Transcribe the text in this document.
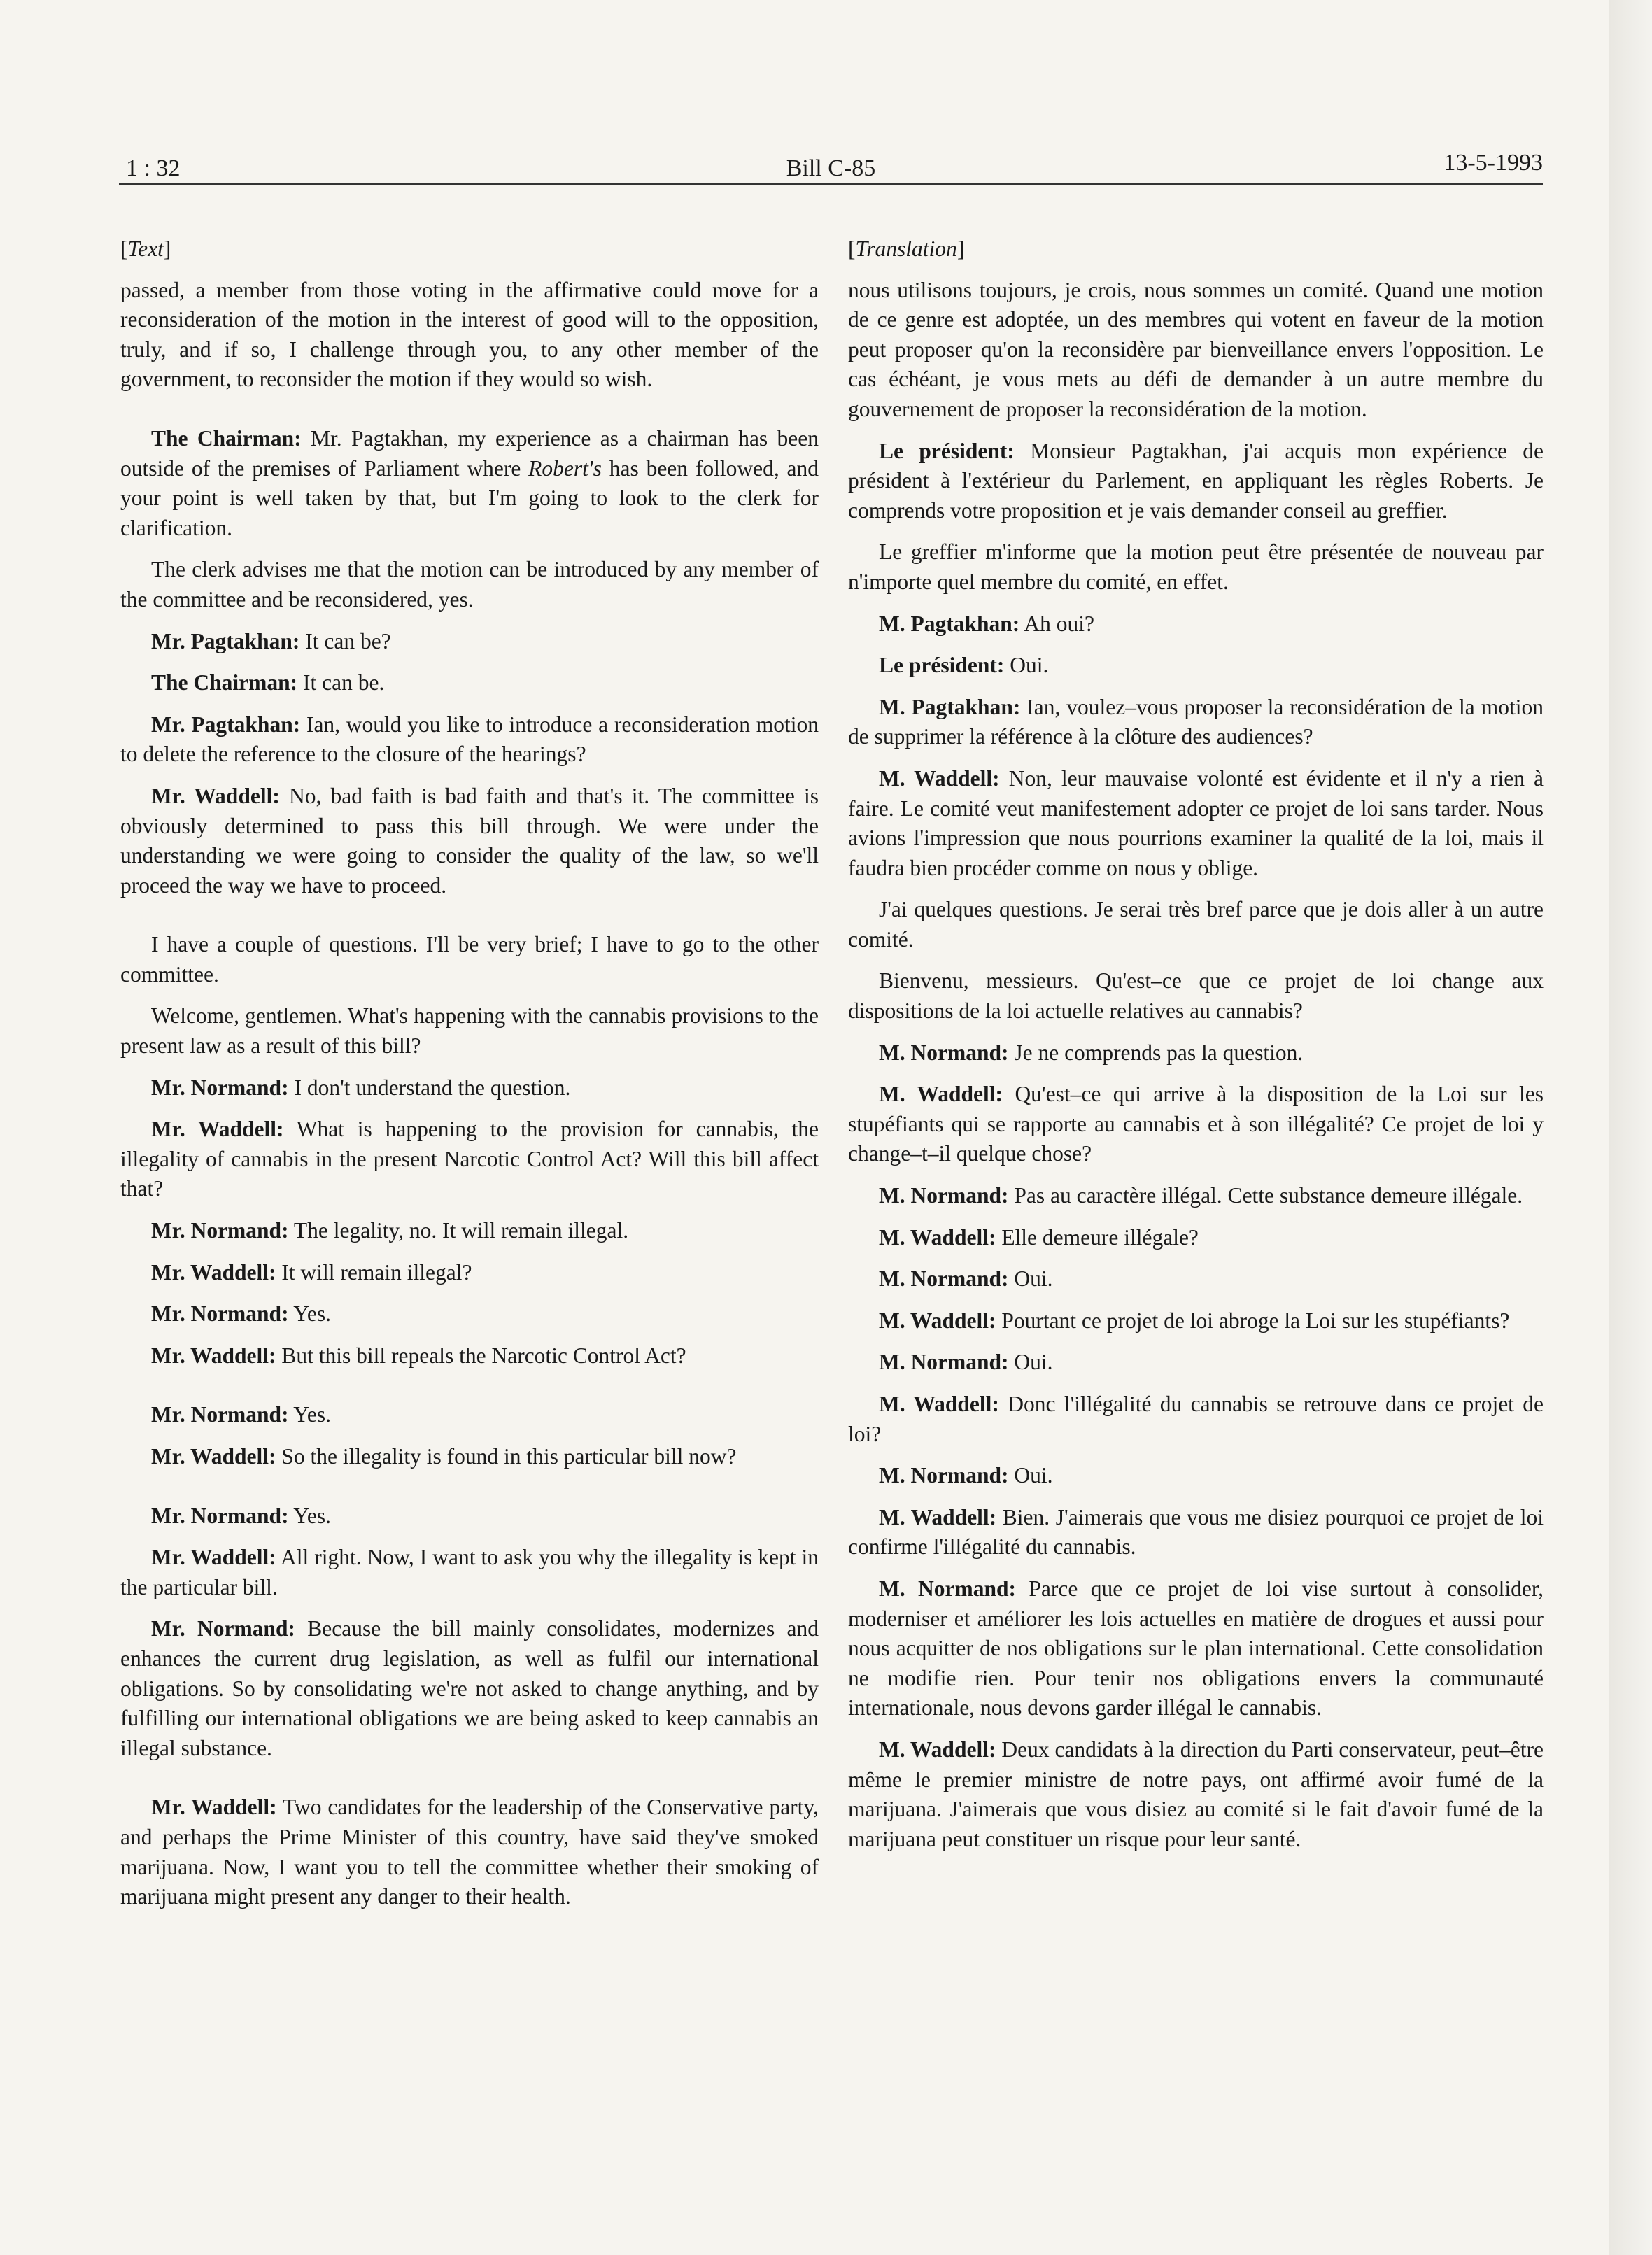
1 : 32	Bill C-85	13-5-1993
[Text]

passed, a member from those voting in the affirmative could move for a reconsideration of the motion in the interest of good will to the opposition, truly, and if so, I challenge through you, to any other member of the government, to reconsider the motion if they would so wish.

The Chairman: Mr. Pagtakhan, my experience as a chairman has been outside of the premises of Parliament where Robert's has been followed, and your point is well taken by that, but I'm going to look to the clerk for clarification.

The clerk advises me that the motion can be introduced by any member of the committee and be reconsidered, yes.

Mr. Pagtakhan: It can be?

The Chairman: It can be.

Mr. Pagtakhan: Ian, would you like to introduce a reconsideration motion to delete the reference to the closure of the hearings?

Mr. Waddell: No, bad faith is bad faith and that's it. The committee is obviously determined to pass this bill through. We were under the understanding we were going to consider the quality of the law, so we'll proceed the way we have to proceed.

I have a couple of questions. I'll be very brief; I have to go to the other committee.

Welcome, gentlemen. What's happening with the cannabis provisions to the present law as a result of this bill?

Mr. Normand: I don't understand the question.

Mr. Waddell: What is happening to the provision for cannabis, the illegality of cannabis in the present Narcotic Control Act? Will this bill affect that?

Mr. Normand: The legality, no. It will remain illegal.

Mr. Waddell: It will remain illegal?

Mr. Normand: Yes.

Mr. Waddell: But this bill repeals the Narcotic Control Act?

Mr. Normand: Yes.

Mr. Waddell: So the illegality is found in this particular bill now?

Mr. Normand: Yes.

Mr. Waddell: All right. Now, I want to ask you why the illegality is kept in the particular bill.

Mr. Normand: Because the bill mainly consolidates, modernizes and enhances the current drug legislation, as well as fulfil our international obligations. So by consolidating we're not asked to change anything, and by fulfilling our international obligations we are being asked to keep cannabis an illegal substance.

Mr. Waddell: Two candidates for the leadership of the Conservative party, and perhaps the Prime Minister of this country, have said they've smoked marijuana. Now, I want you to tell the committee whether their smoking of marijuana might present any danger to their health.

[Translation]

nous utilisons toujours, je crois, nous sommes un comité. Quand une motion de ce genre est adoptée, un des membres qui votent en faveur de la motion peut proposer qu'on la reconsidère par bienveillance envers l'opposition. Le cas échéant, je vous mets au défi de demander à un autre membre du gouvernement de proposer la reconsidération de la motion.

Le président: Monsieur Pagtakhan, j'ai acquis mon expérience de président à l'extérieur du Parlement, en appliquant les règles Roberts. Je comprends votre proposition et je vais demander conseil au greffier.

Le greffier m'informe que la motion peut être présentée de nouveau par n'importe quel membre du comité, en effet.

M. Pagtakhan: Ah oui?

Le président: Oui.

M. Pagtakhan: Ian, voulez–vous proposer la reconsidération de la motion de supprimer la référence à la clôture des audiences?

M. Waddell: Non, leur mauvaise volonté est évidente et il n'y a rien à faire. Le comité veut manifestement adopter ce projet de loi sans tarder. Nous avions l'impression que nous pourrions examiner la qualité de la loi, mais il faudra bien procéder comme on nous y oblige.

J'ai quelques questions. Je serai très bref parce que je dois aller à un autre comité.

Bienvenu, messieurs. Qu'est–ce que ce projet de loi change aux dispositions de la loi actuelle relatives au cannabis?

M. Normand: Je ne comprends pas la question.

M. Waddell: Qu'est–ce qui arrive à la disposition de la Loi sur les stupéfiants qui se rapporte au cannabis et à son illégalité? Ce projet de loi y change–t–il quelque chose?

M. Normand: Pas au caractère illégal. Cette substance demeure illégale.

M. Waddell: Elle demeure illégale?

M. Normand: Oui.

M. Waddell: Pourtant ce projet de loi abroge la Loi sur les stupéfiants?

M. Normand: Oui.

M. Waddell: Donc l'illégalité du cannabis se retrouve dans ce projet de loi?

M. Normand: Oui.

M. Waddell: Bien. J'aimerais que vous me disiez pourquoi ce projet de loi confirme l'illégalité du cannabis.

M. Normand: Parce que ce projet de loi vise surtout à consolider, moderniser et améliorer les lois actuelles en matière de drogues et aussi pour nous acquitter de nos obligations sur le plan international. Cette consolidation ne modifie rien. Pour tenir nos obligations envers la communauté internationale, nous devons garder illégal le cannabis.

M. Waddell: Deux candidats à la direction du Parti conservateur, peut–être même le premier ministre de notre pays, ont affirmé avoir fumé de la marijuana. J'aimerais que vous disiez au comité si le fait d'avoir fumé de la marijuana peut constituer un risque pour leur santé.
